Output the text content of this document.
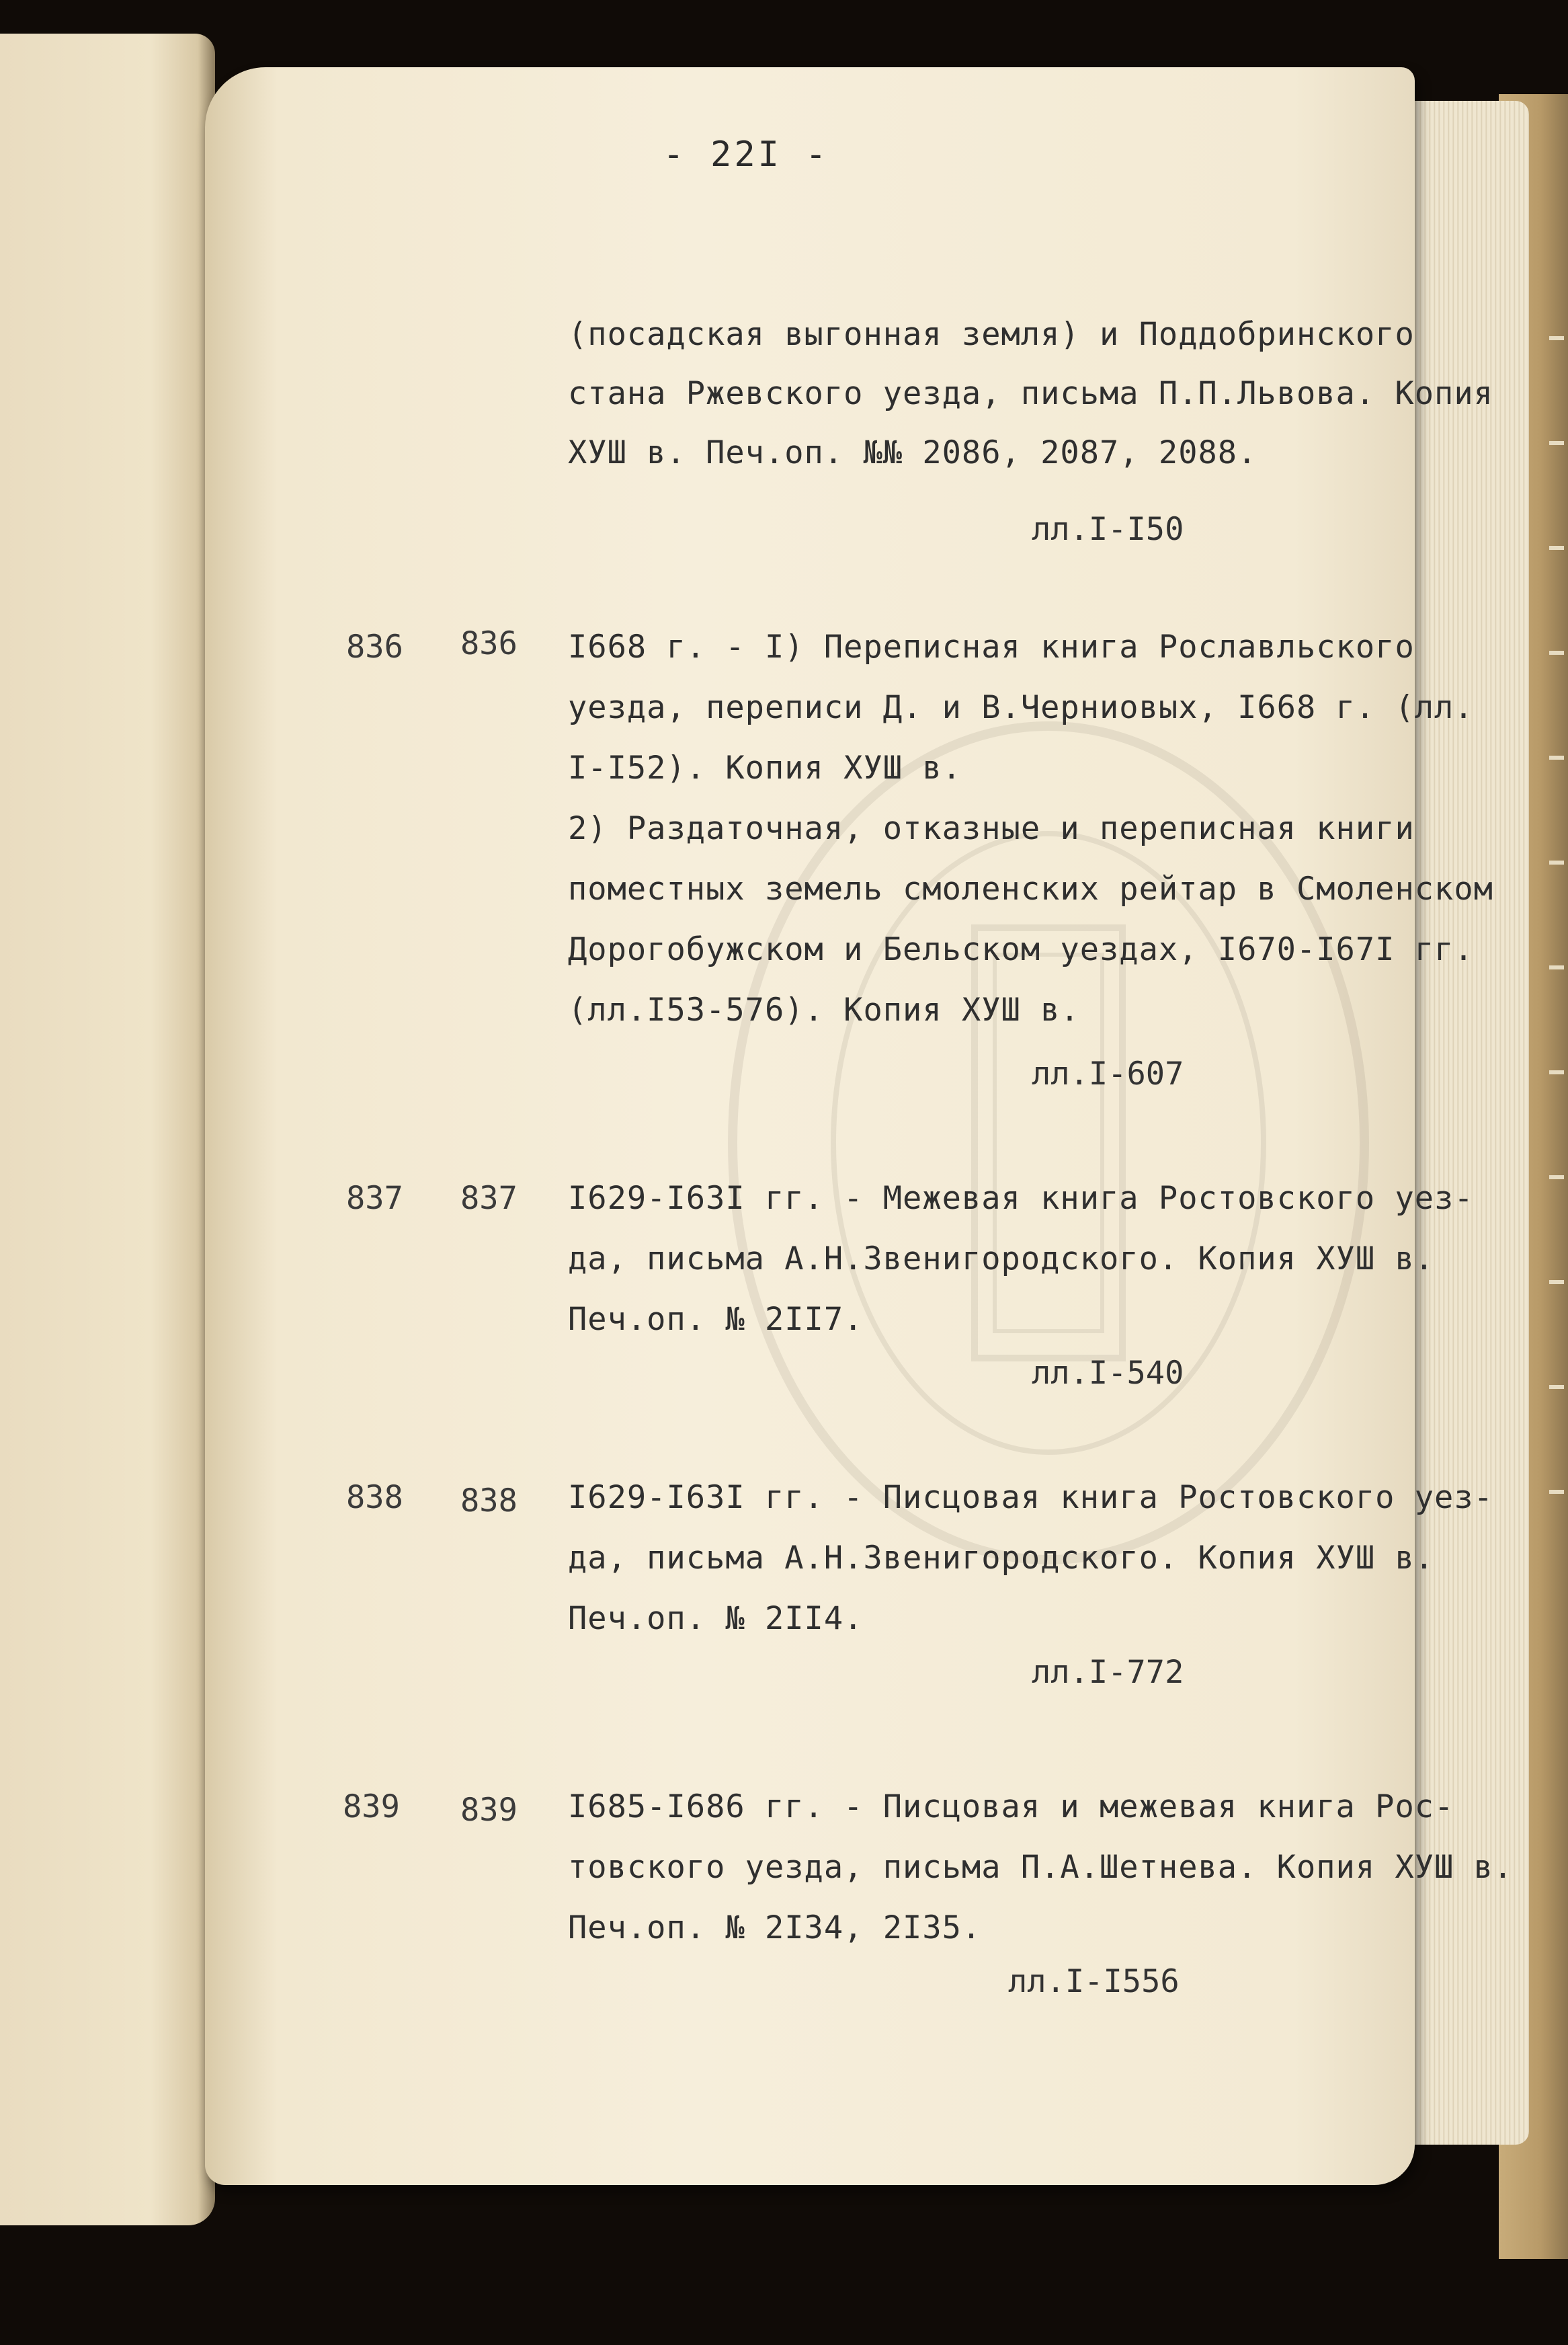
- 22I -
(посадская выгонная земля) и Поддобринского
стана Ржевского уезда, письма П.П.Львова. Копия
ХУШ в. Печ.оп. №№ 2086, 2087, 2088.
лл.I-I50
836 836 I668 г. - I) Переписная книга Рославльского
уезда, переписи Д. и В.Черниовых, I668 г. (лл.
I-I52). Копия ХУШ в.
2) Раздаточная, отказные и переписная книги
поместных земель смоленских рейтар в Смоленском
Дорогобужском и Бельском уездах, I670-I67I гг.
(лл.I53-576). Копия ХУШ в.
лл.I-607
837 837 I629-I63I гг. - Межевая книга Ростовского уез-
да, письма А.Н.Звенигородского. Копия ХУШ в.
Печ.оп. № 2II7.
лл.I-540
838 838 I629-I63I гг. - Писцовая книга Ростовского уез-
да, письма А.Н.Звенигородского. Копия ХУШ в.
Печ.оп. № 2II4.
лл.I-772
839 839 I685-I686 гг. - Писцовая и межевая книга Рос-
товского уезда, письма П.А.Шетнева. Копия ХУШ в.
Печ.оп. № 2I34, 2I35.
лл.I-I556
